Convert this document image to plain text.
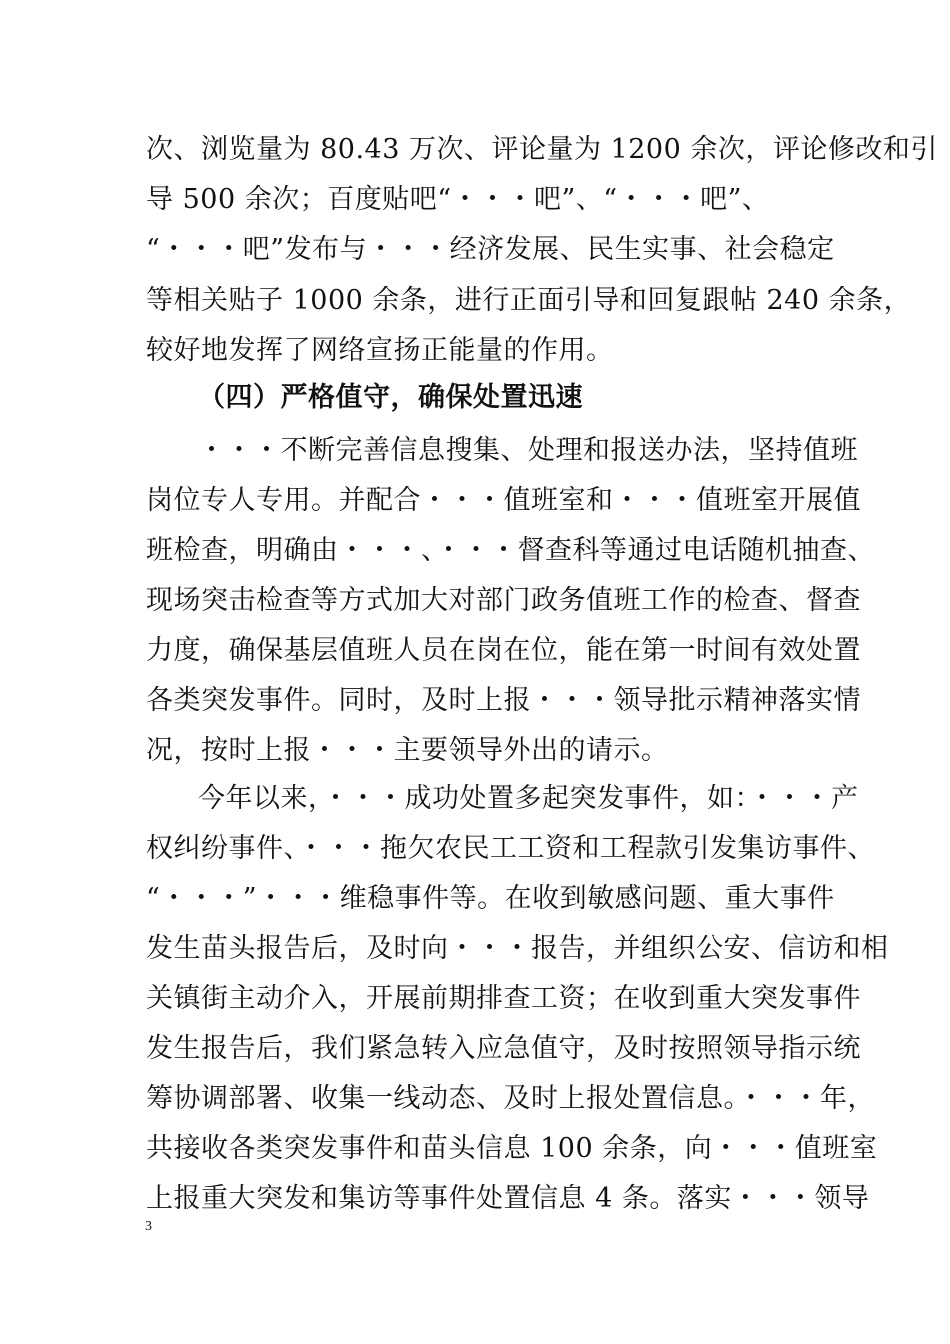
次、浏览量为 80.43 万次、评论量为 1200 余次，评论修改和引
导 500 余次；百度贴吧“・・・吧”、“・・・吧”、
“・・・吧”发布与・・・经济发展、民生实事、社会稳定
等相关贴子 1000 余条，进行正面引导和回复跟帖 240 余条，
较好地发挥了网络宣扬正能量的作用。
（四）严格值守，确保处置迅速
・・・不断完善信息搜集、处理和报送办法，坚持值班
岗位专人专用。并配合・・・值班室和・・・值班室开展值
班检查，明确由・・・、・・・督查科等通过电话随机抽查、
现场突击检查等方式加大对部门政务值班工作的检查、督查
力度，确保基层值班人员在岗在位，能在第一时间有效处置
各类突发事件。同时，及时上报・・・领导批示精神落实情
况，按时上报・・・主要领导外出的请示。
今年以来，・・・成功处置多起突发事件，如：・・・产
权纠纷事件、・・・拖欠农民工工资和工程款引发集访事件、
“・・・”・・・维稳事件等。在收到敏感问题、重大事件
发生苗头报告后，及时向・・・报告，并组织公安、信访和相
关镇街主动介入，开展前期排查工资；在收到重大突发事件
发生报告后，我们紧急转入应急值守，及时按照领导指示统
筹协调部署、收集一线动态、及时上报处置信息。・・・年，
共接收各类突发事件和苗头信息 100 余条，向・・・值班室
上报重大突发和集访等事件处置信息 4 条。落实・・・领导
3
